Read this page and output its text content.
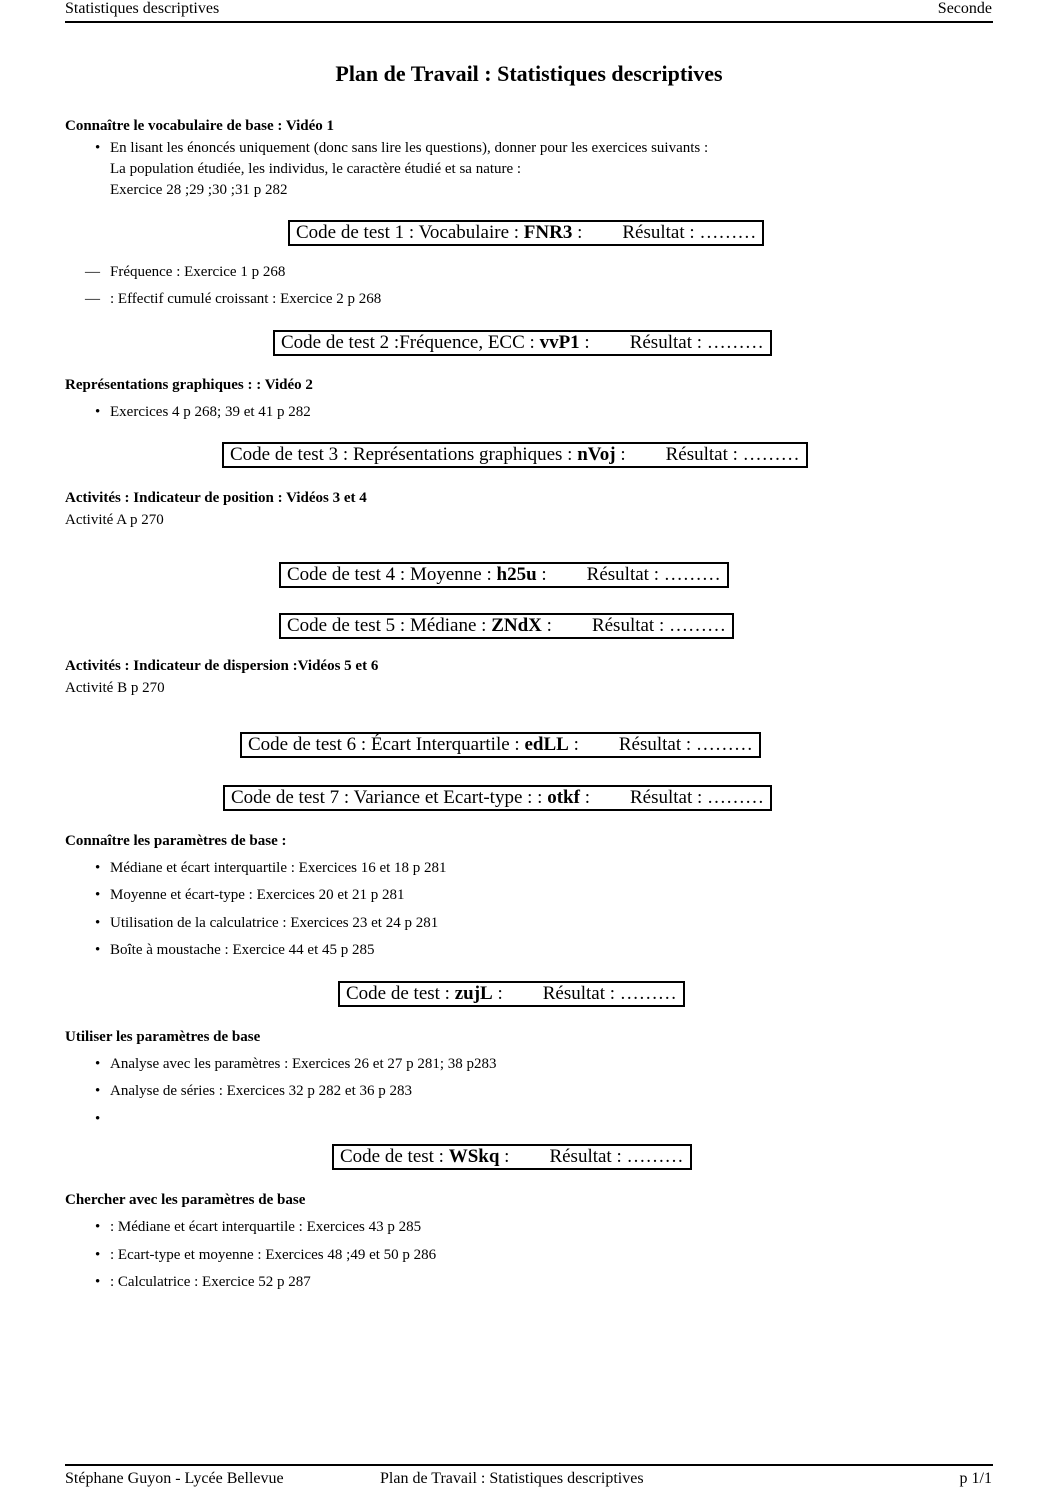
Statistiques descriptives	Seconde
Plan de Travail : Statistiques descriptives
Connaître le vocabulaire de base : Vidéo 1
• En lisant les énoncés uniquement (donc sans lire les questions), donner pour les exercices suivants :
La population étudiée, les individus, le caractère étudié et sa nature :
Exercice 28 ;29 ;30 ;31 p 282
Code de test 1 : Vocabulaire : FNR3 : Résultat : ………
— Fréquence : Exercice 1 p 268
— : Effectif cumulé croissant : Exercice 2 p 268
Code de test 2 :Fréquence, ECC : vvP1 : Résultat : ………
Représentations graphiques : : Vidéo 2
• Exercices 4 p 268; 39 et 41 p 282
Code de test 3 : Représentations graphiques : nVoj : Résultat : ………
Activités : Indicateur de position : Vidéos 3 et 4
Activité A p 270
Code de test 4 : Moyenne : h25u : Résultat : ………
Code de test 5 : Médiane : ZNdX : Résultat : ………
Activités : Indicateur de dispersion :Vidéos 5 et 6
Activité B p 270
Code de test 6 : Écart Interquartile : edLL : Résultat : ………
Code de test 7 : Variance et Ecart-type : : otkf : Résultat : ………
Connaître les paramètres de base :
• Médiane et écart interquartile : Exercices 16 et 18 p 281
• Moyenne et écart-type : Exercices 20 et 21 p 281
• Utilisation de la calculatrice : Exercices 23 et 24 p 281
• Boîte à moustache : Exercice 44 et 45 p 285
Code de test : zujL : Résultat : ………
Utiliser les paramètres de base
• Analyse avec les paramètres : Exercices 26 et 27 p 281; 38 p283
• Analyse de séries : Exercices 32 p 282 et 36 p 283
Code de test : WSkq : Résultat : ………
Chercher avec les paramètres de base
• : Médiane et écart interquartile : Exercices 43 p 285
• : Ecart-type et moyenne : Exercices 48 ;49 et 50 p 286
• : Calculatrice : Exercice 52 p 287
Stéphane Guyon - Lycée Bellevue	Plan de Travail : Statistiques descriptives	p 1/1
